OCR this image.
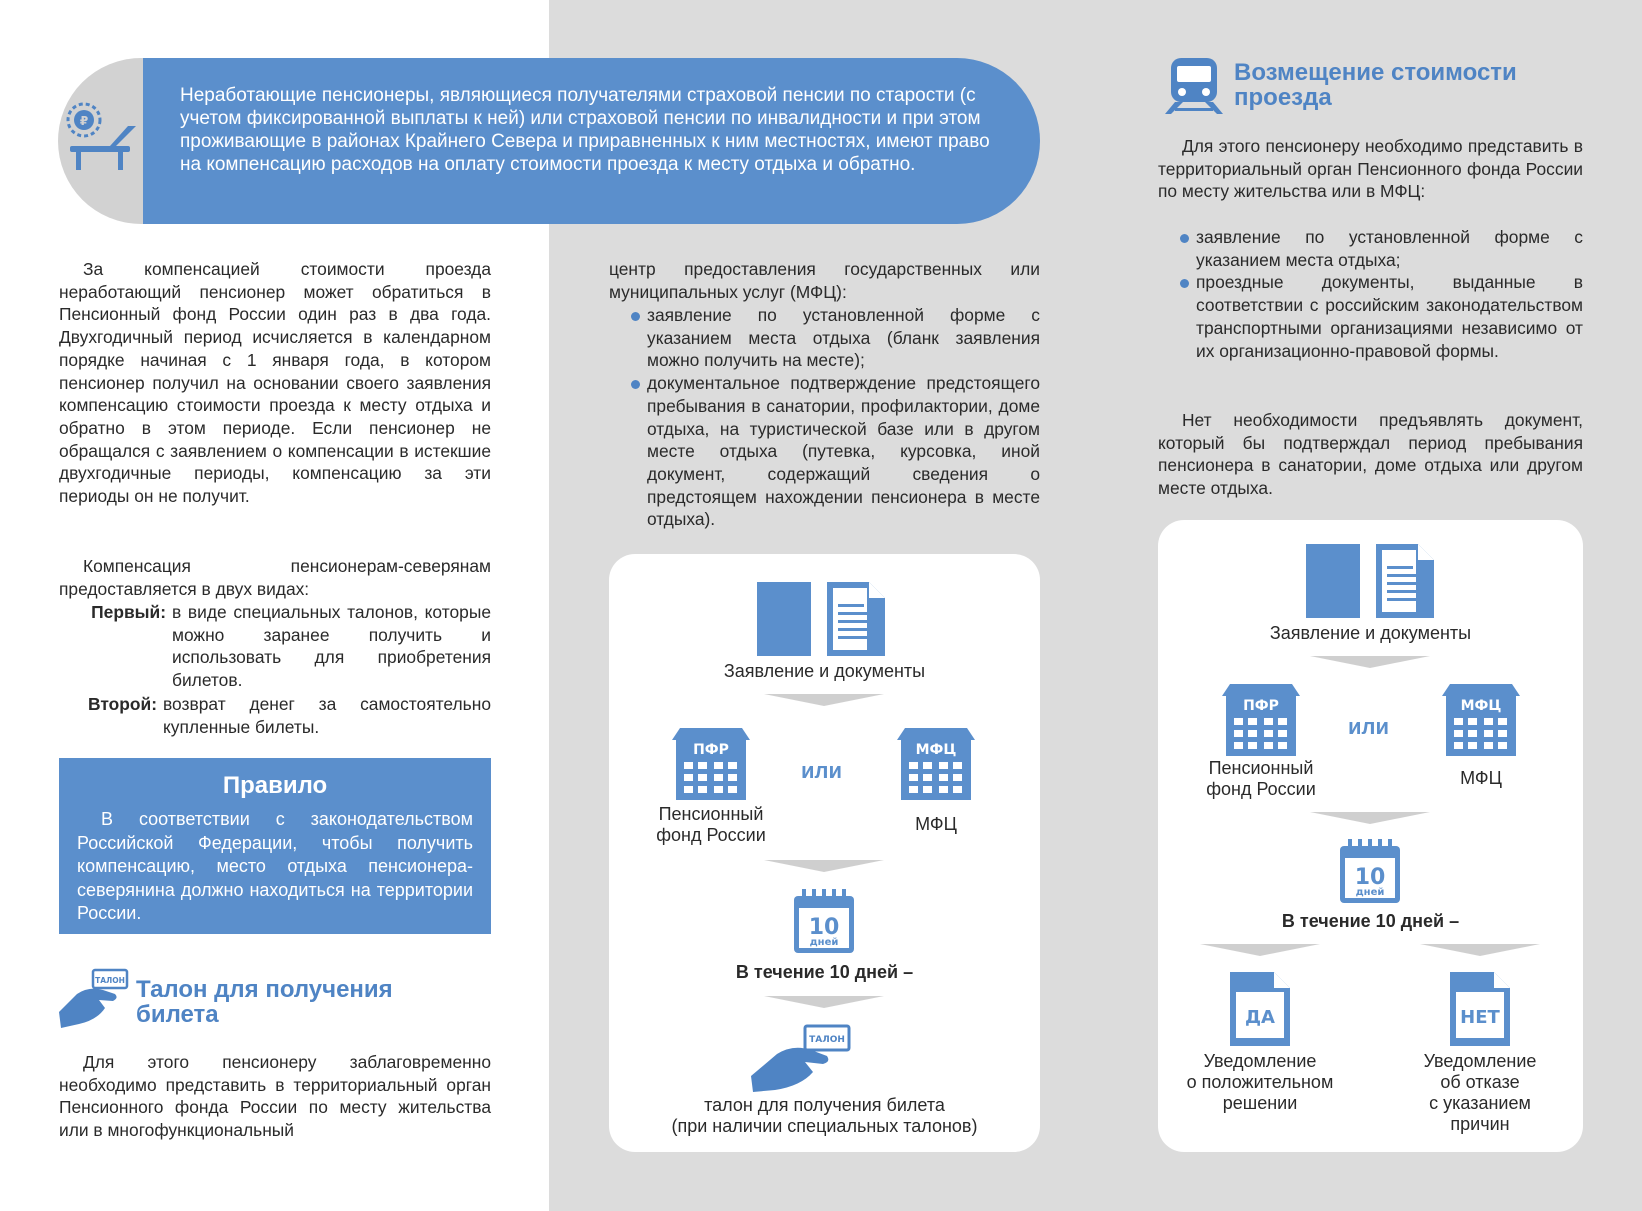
₽
Неработающие пенсионеры, являющиеся получателями страховой пенсии по старости (с учетом фиксированной выплаты к ней) или страховой пенсии по инвалидности и при этом проживающие в районах Крайнего Севера и приравненных к ним местностях, имеют право на компенсацию расходов на оплату стоимости проезда к месту отдыха и обратно.
За компенсацией стоимости проезда неработающий пенсионер может обратиться в Пенсионный фонд России один раз в два года. Двухгодичный период исчисляется в календарном порядке начиная с 1 января года, в котором пенсионер получил на основании своего заявления компенсацию стоимости проезда к месту отдыха и обратно в этом периоде. Если пенсионер не обращался с заявлением о компенсации в истекшие двухгодичные периоды, компенсацию за эти периоды он не получит.
Компенсация пенсионерам-северянам предоставляется в двух видах:
Первый: в виде специальных талонов, которые можно заранее получить и использовать для приобретения билетов.
Второй: возврат денег за самостоятельно купленные билеты.
Правило
В соответствии с законодательством Российской Федерации, чтобы получить компенсацию, место отдыха пенсионера-северянина должно находиться на территории России.
ТАЛОН Талон для получения
билета
Для этого пенсионеру заблаговременно необходимо представить в территориальный орган Пенсионного фонда России по месту жительства или в многофункциональный
центр предоставления государственных или муниципальных услуг (МФЦ):
заявление по установленной форме с указанием места отдыха (бланк заявления можно получить на месте);
документальное подтверждение предстоящего пребывания в санатории, профилактории, доме отдыха, на туристической базе или в другом месте отдыха (путевка, курсовка, иной документ, содержащий сведения о предстоящем нахождении пенсионера в месте отдыха).
Заявление и документы
ПФР
или
МФЦ
Пенсионный
фонд России
МФЦ
10
дней
В течение 10 дней –
ТАЛОН
талон для получения билета
(при наличии специальных талонов)
Возмещение стоимости
проезда
Для этого пенсионеру необходимо представить в территориальный орган Пенсионного фонда России по месту жительства или в МФЦ:
заявление по установленной форме с указанием места отдыха;
проездные документы, выданные в соответствии с российским законодательством транспортными организациями независимо от их организационно-правовой формы.
Нет необходимости предъявлять документ, который бы подтверждал период пребывания пенсионера в санатории, доме отдыха или другом месте отдыха.
Заявление и документы
ПФР
или
МФЦ
Пенсионный
фонд России
МФЦ
10
дней
В течение 10 дней –
ДА	НЕТ
Уведомление
о положительном
решении
Уведомление
об отказе
с указанием
причин
